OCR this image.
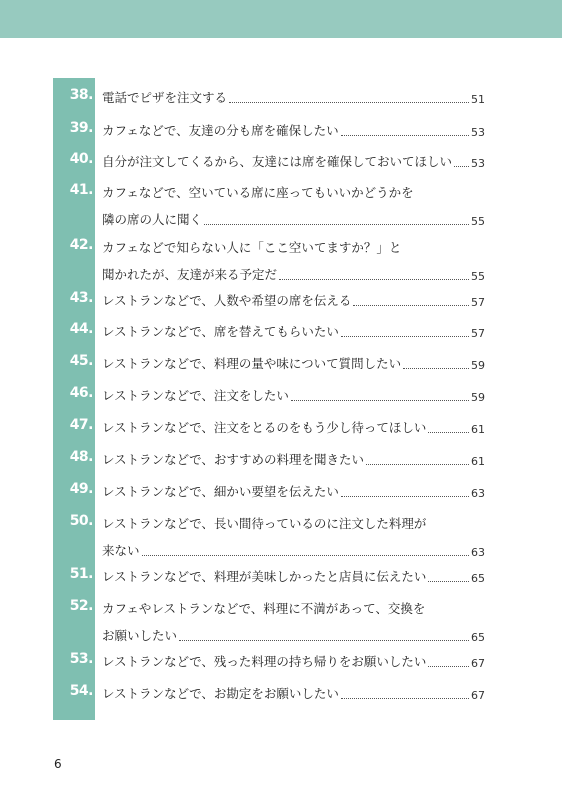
38. 電話でピザを注文する	51
39. カフェなどで、友達の分も席を確保したい	53
40. 自分が注文してくるから、友達には席を確保しておいてほしい 53
41. カフェなどで、空いている席に座ってもいいかどうかを
隣の席の人に聞く	55
42. カフェなどで知らない人に「ここ空いてますか？」と
聞かれたが、友達が来る予定だ	55
43. レストランなどで、人数や希望の席を伝える	57
44. レストランなどで、席を替えてもらいたい	57
45. レストランなどで、料理の量や味について質問したい	59
46. レストランなどで、注文をしたい	59
47. レストランなどで、注文をとるのをもう少し待ってほしい	61
48. レストランなどで、おすすめの料理を聞きたい	61
49. レストランなどで、細かい要望を伝えたい	63
50. レストランなどで、長い間待っているのに注文した料理が
来ない	63
51. レストランなどで、料理が美味しかったと店員に伝えたい	65
52. カフェやレストランなどで、料理に不満があって、交換を
お願いしたい	65
53. レストランなどで、残った料理の持ち帰りをお願いしたい	67
54. レストランなどで、お勘定をお願いしたい	67
6
